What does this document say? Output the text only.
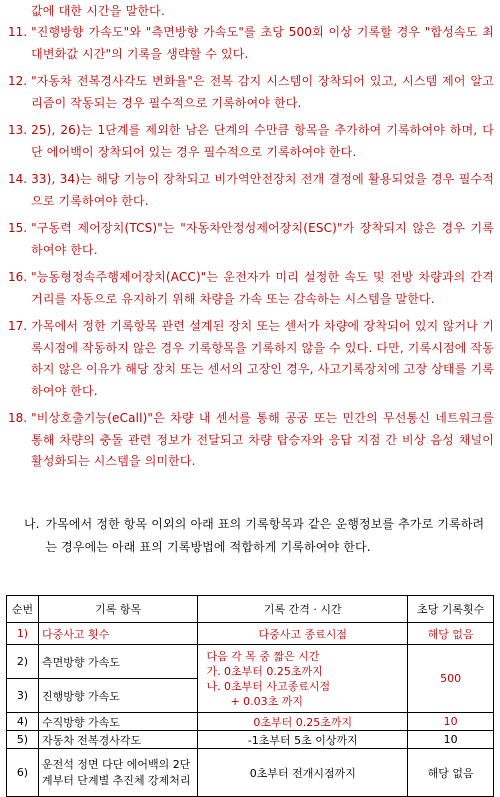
값에 대한 시간을 말한다.
11. "진행방향 가속도"와 "측면방향 가속도"를 초당 500회 이상 기록할 경우 "합성속도 최대변화값 시간"의 기록을 생략할 수 있다.
12. "자동차 전복경사각도 변화율"은 전복 감지 시스템이 장착되어 있고, 시스템 제어 알고리즘이 작동되는 경우 필수적으로 기록하여야 한다.
13. 25), 26)는 1단계를 제외한 남은 단계의 수만큼 항목을 추가하여 기록하여야 하며, 다단 에어백이 장착되어 있는 경우 필수적으로 기록하여야 한다.
14. 33), 34)는 해당 기능이 장착되고 비가역안전장치 전개 결정에 활용되었을 경우 필수적으로 기록하여야 한다.
15. "구동력 제어장치(TCS)"는 "자동차안정성제어장치(ESC)"가 장착되지 않은 경우 기록하여야 한다.
16. "능동형정속주행제어장치(ACC)"는 운전자가 미리 설정한 속도 및 전방 차량과의 간격 거리를 자동으로 유지하기 위해 차량을 가속 또는 감속하는 시스템을 말한다.
17. 가목에서 정한 기록항목 관련 설계된 장치 또는 센서가 차량에 장착되어 있지 않거나 기록시점에 작동하지 않은 경우 기록항목을 기록하지 않을 수 있다. 다만, 기록시점에 작동하지 않은 이유가 해당 장치 또는 센서의 고장인 경우, 사고기록장치에 고장 상태를 기록하여야 한다.
18. "비상호출기능(eCall)"은 차량 내 센서를 통해 공공 또는 민간의 무선통신 네트워크를 통해 차량의 충돌 관련 정보가 전달되고 차량 탑승자와 응답 지점 간 비상 음성 채널이 활성화되는 시스템을 의미한다.
나. 가목에서 정한 항목 이외의 아래 표의 기록항목과 같은 운행정보를 추가로 기록하려는 경우에는 아래 표의 기록방법에 적합하게 기록하여야 한다.
순번	기록 항목	기록 간격 · 시간	초당 기록횟수
1)	다중사고 횟수	다중사고 종료시점	해당 없음
2)	측면방향 가속도	다음 각 목 중 짧은 시간
가. 0초부터 0.25초까지
나. 0초부터 사고종료시점
+ 0.03초 까지	500
3)	진행방향 가속도		
4)	수직방향 가속도	0초부터 0.25초까지	10
5)	자동차 전복경사각도	-1초부터 5초 이상까지	10
6)	운전석 정면 다단 에어백의 2단계부터 단계별 추진체 강제처리	0초부터 전개시점까지	해당 없음
